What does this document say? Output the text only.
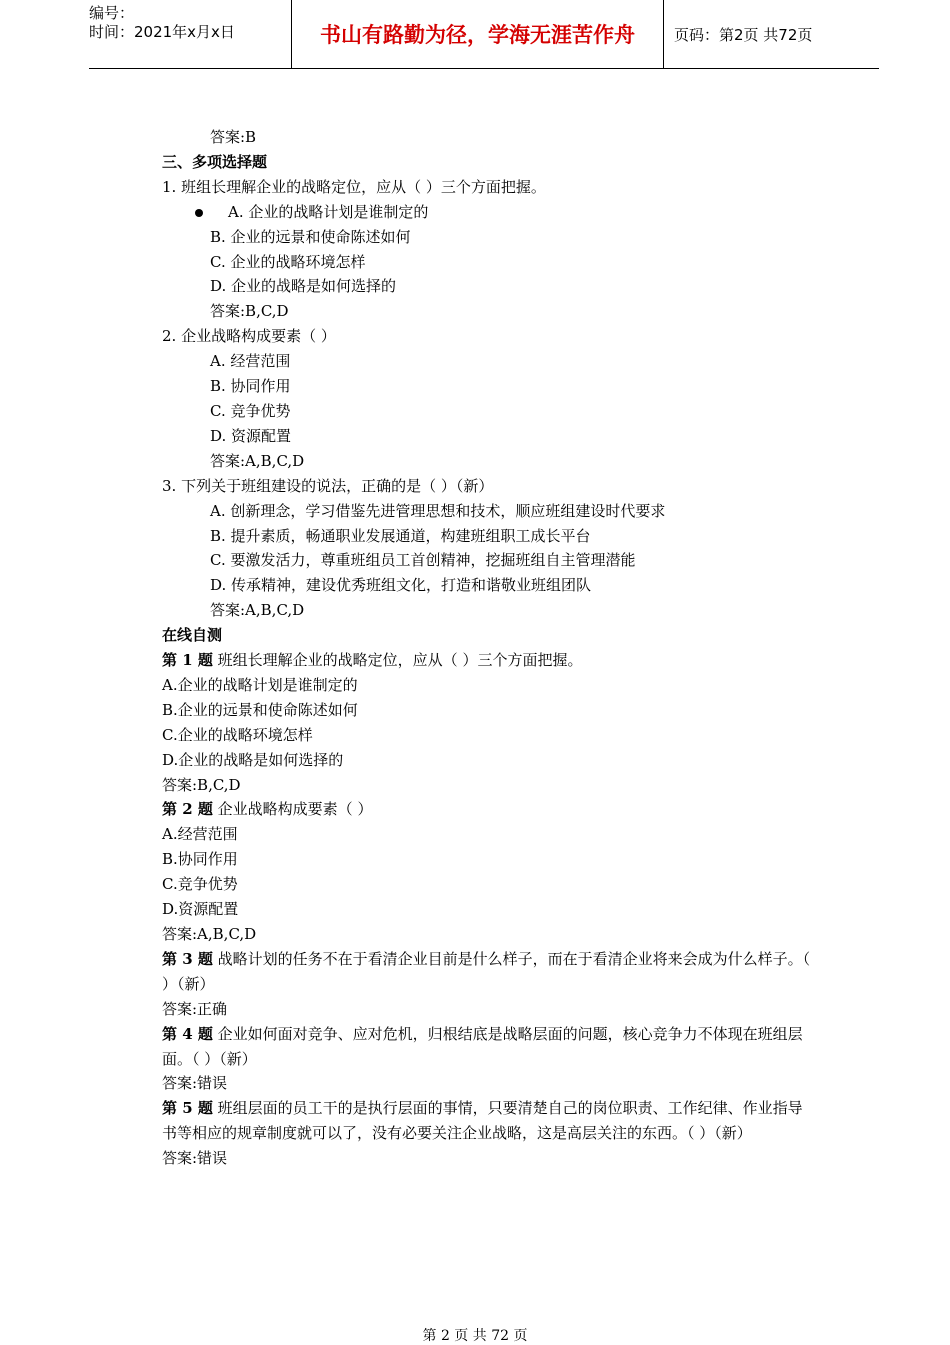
编号：
时间：2021年x月x日	书山有路勤为径，学海无涯苦作舟	页码：第2页 共72页
答案:B
三、多项选择题
1. 班组长理解企业的战略定位，应从（ ）三个方面把握。
A. 企业的战略计划是谁制定的
B. 企业的远景和使命陈述如何
C. 企业的战略环境怎样
D. 企业的战略是如何选择的
答案:B,C,D
2. 企业战略构成要素（ ）
A. 经营范围
B. 协同作用
C. 竞争优势
D. 资源配置
答案:A,B,C,D
3. 下列关于班组建设的说法，正确的是（ ）（新）
A. 创新理念，学习借鉴先进管理思想和技术，顺应班组建设时代要求
B. 提升素质，畅通职业发展通道，构建班组职工成长平台
C. 要激发活力，尊重班组员工首创精神，挖掘班组自主管理潜能
D. 传承精神，建设优秀班组文化，打造和谐敬业班组团队
答案:A,B,C,D
在线自测
第 1 题 班组长理解企业的战略定位，应从（ ）三个方面把握。
A.企业的战略计划是谁制定的
B.企业的远景和使命陈述如何
C.企业的战略环境怎样
D.企业的战略是如何选择的
答案:B,C,D
第 2 题 企业战略构成要素（ ）
A.经营范围
B.协同作用
C.竞争优势
D.资源配置
答案:A,B,C,D
第 3 题 战略计划的任务不在于看清企业目前是什么样子，而在于看清企业将来会成为什么样子。（ ）（新）
答案:正确
第 4 题 企业如何面对竞争、应对危机，归根结底是战略层面的问题，核心竞争力不体现在班组层面。（ ）（新）
答案:错误
第 5 题 班组层面的员工干的是执行层面的事情，只要清楚自己的岗位职责、工作纪律、作业指导书等相应的规章制度就可以了，没有必要关注企业战略，这是高层关注的东西。（ ）（新）
答案:错误
第 2 页 共 72 页
